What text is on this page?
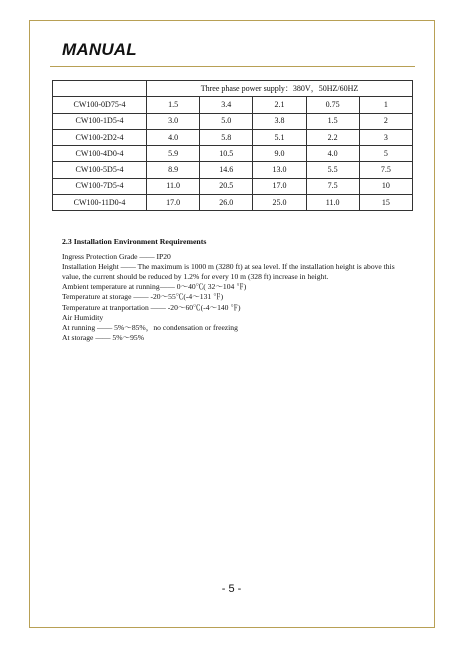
MANUAL
	Three phase power supply：380V，50HZ/60HZ				
CW100-0D75-4	1.5	3.4	2.1	0.75	1
CW100-1D5-4	3.0	5.0	3.8	1.5	2
CW100-2D2-4	4.0	5.8	5.1	2.2	3
CW100-4D0-4	5.9	10.5	9.0	4.0	5
CW100-5D5-4	8.9	14.6	13.0	5.5	7.5
CW100-7D5-4	11.0	20.5	17.0	7.5	10
CW100-11D0-4	17.0	26.0	25.0	11.0	15
2.3 Installation Environment Requirements

Ingress Protection Grade —— IP20

Installation Height —— The maximum is 1000 m (3280 ft) at sea level. If the installation height is above this value, the current should be reduced by 1.2% for every 10 m (328 ft) increase in height.

Ambient temperature at running—— 0～40℃( 32～104 ℉)

Temperature at storage —— -20～55℃(-4～131 ℉)

Temperature at tranportation —— -20～60℃(-4～140 ℉)

Air Humidity

At running —— 5%～85%，no condensation or freezing

At storage —— 5%～95%

- 5 -
